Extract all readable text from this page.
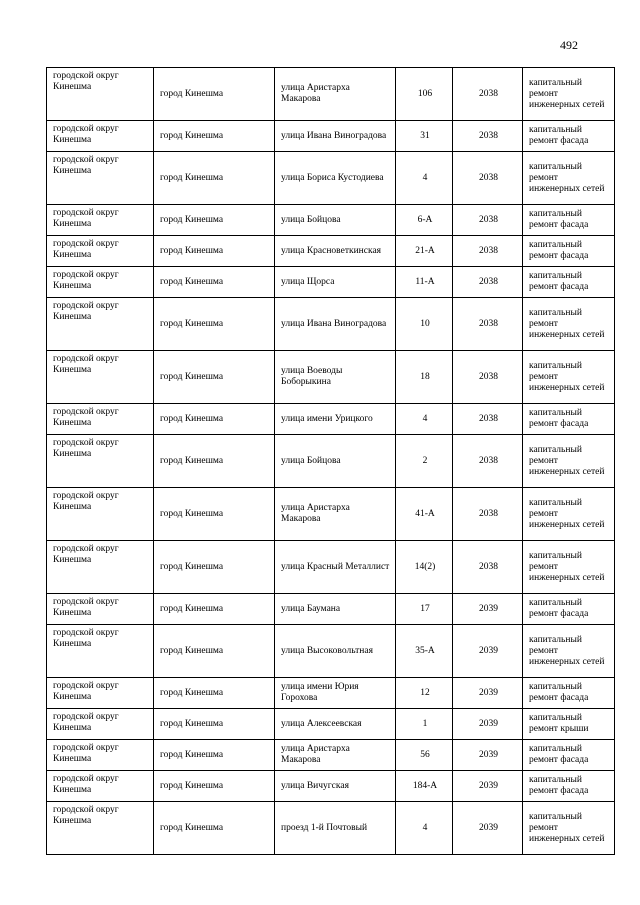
492
городской округ Кинешма	город Кинешма	улица Аристарха Макарова	106	2038	капитальный ремонт инженерных сетей
городской округ Кинешма	город Кинешма	улица Ивана Виноградова	31	2038	капитальный ремонт фасада
городской округ Кинешма	город Кинешма	улица Бориса Кустодиева	4	2038	капитальный ремонт инженерных сетей
городской округ Кинешма	город Кинешма	улица Бойцова	6-А	2038	капитальный ремонт фасада
городской округ Кинешма	город Кинешма	улица Красноветкинская	21-А	2038	капитальный ремонт фасада
городской округ Кинешма	город Кинешма	улица Щорса	11-А	2038	капитальный ремонт фасада
городской округ Кинешма	город Кинешма	улица Ивана Виноградова	10	2038	капитальный ремонт инженерных сетей
городской округ Кинешма	город Кинешма	улица Воеводы Боборыкина	18	2038	капитальный ремонт инженерных сетей
городской округ Кинешма	город Кинешма	улица имени Урицкого	4	2038	капитальный ремонт фасада
городской округ Кинешма	город Кинешма	улица Бойцова	2	2038	капитальный ремонт инженерных сетей
городской округ Кинешма	город Кинешма	улица Аристарха Макарова	41-А	2038	капитальный ремонт инженерных сетей
городской округ Кинешма	город Кинешма	улица Красный Металлист	14(2)	2038	капитальный ремонт инженерных сетей
городской округ Кинешма	город Кинешма	улица Баумана	17	2039	капитальный ремонт фасада
городской округ Кинешма	город Кинешма	улица Высоковольтная	35-А	2039	капитальный ремонт инженерных сетей
городской округ Кинешма	город Кинешма	улица имени Юрия Горохова	12	2039	капитальный ремонт фасада
городской округ Кинешма	город Кинешма	улица Алексеевская	1	2039	капитальный ремонт крыши
городской округ Кинешма	город Кинешма	улица Аристарха Макарова	56	2039	капитальный ремонт фасада
городской округ Кинешма	город Кинешма	улица Вичугская	184-А	2039	капитальный ремонт фасада
городской округ Кинешма	город Кинешма	проезд 1-й Почтовый	4	2039	капитальный ремонт инженерных сетей
